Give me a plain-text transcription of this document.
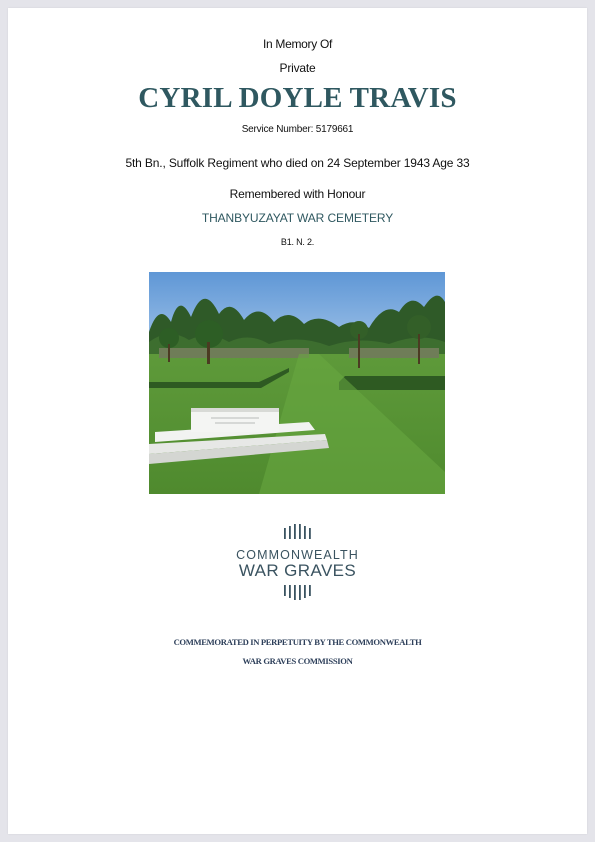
In Memory Of
Private
CYRIL DOYLE TRAVIS
Service Number: 5179661
5th Bn., Suffolk Regiment who died on 24 September 1943 Age 33
Remembered with Honour
THANBYUZAYAT WAR CEMETERY
B1. N. 2.
COMMONWEALTH
WAR GRAVES
COMMEMORATED IN PERPETUITY BY THE COMMONWEALTH
WAR GRAVES COMMISSION
